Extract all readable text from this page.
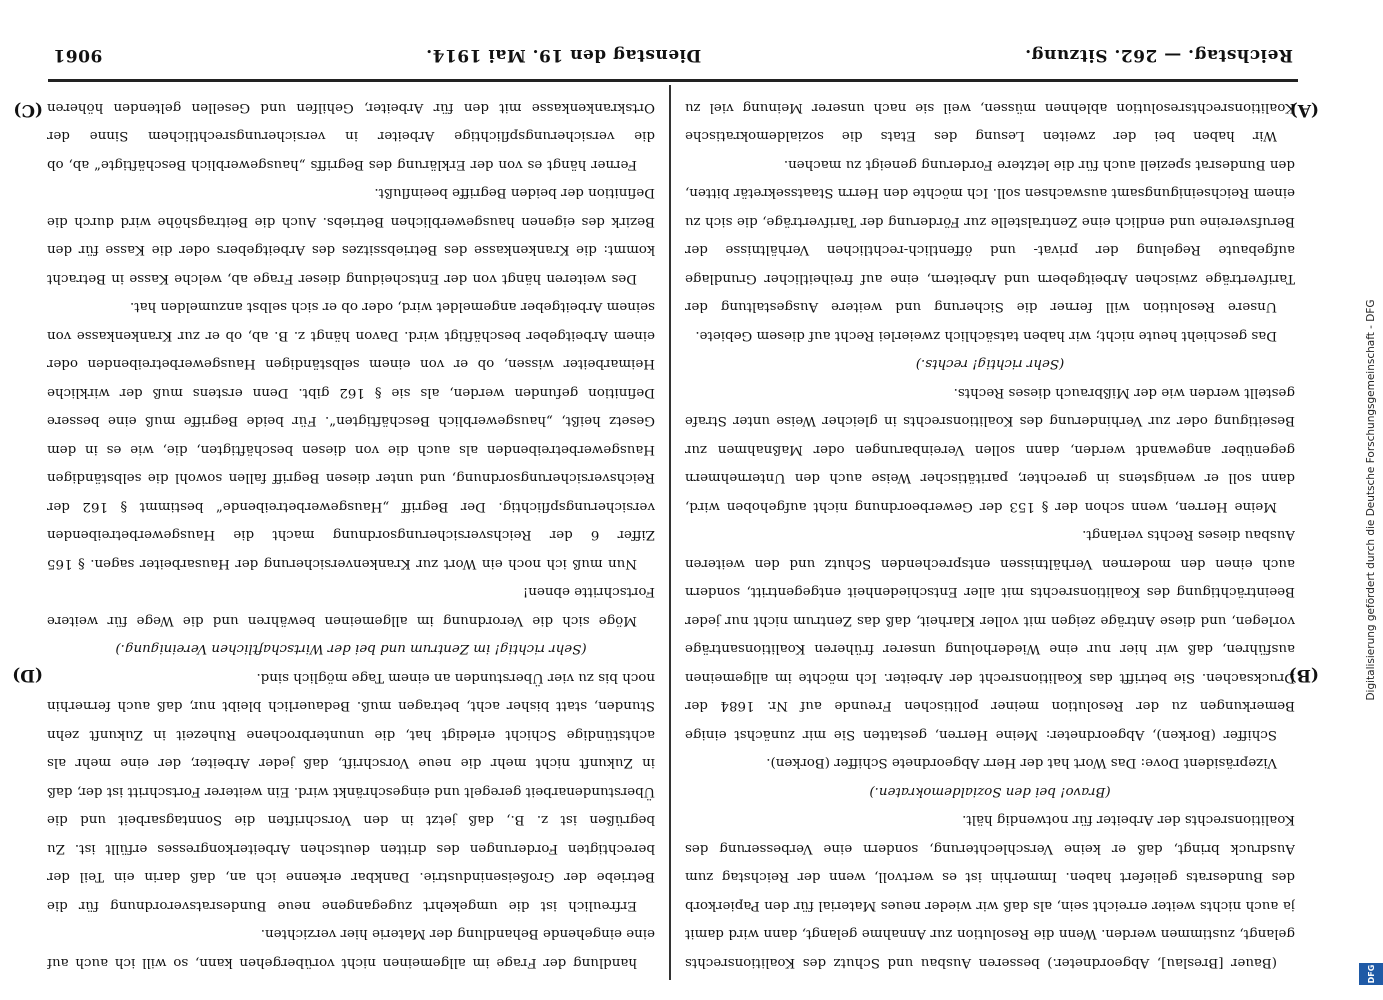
Reichstag. — 262. Sitzung.
Dienstag den 19. Mai 1914.
9061
(A)
(B)
(C)
(D)

(Bauer [Breslau], Abgeordneter.) besseren Ausbau und Schutz des Koalitionsrechts gelangt, zustimmen werden. Wenn die Resolution zur Annahme gelangt, dann wird damit ja auch nichts weiter erreicht sein, als daß wir wieder neues Material für den Papierkorb des Bundesrats geliefert haben. Immerhin ist es wertvoll, wenn der Reichstag zum Ausdruck bringt, daß er keine Verschlechterung, sondern eine Verbesserung des Koalitionsrechts der Arbeiter für notwendig hält.

(Bravo! bei den Sozialdemokraten.)

Vizepräsident Dove: Das Wort hat der Herr Abgeordnete Schiffer (Borken).

Schiffer (Borken), Abgeordneter: Meine Herren, gestatten Sie mir zunächst einige Bemerkungen zu der Resolution meiner politischen Freunde auf Nr. 1684 der Drucksachen. Sie betrifft das Koalitionsrecht der Arbeiter. Ich möchte im allgemeinen ausführen, daß wir hier nur eine Wiederholung unserer früheren Koalitionsanträge vorlegen, und diese Anträge zeigen mit voller Klarheit, daß das Zentrum nicht nur jeder Beeinträchtigung des Koalitionsrechts mit aller Entschiedenheit entgegentritt, sondern auch einen den modernen Verhältnissen entsprechenden Schutz und den weiteren Ausbau dieses Rechts verlangt.

Meine Herren, wenn schon der § 153 der Gewerbeordnung nicht aufgehoben wird, dann soll er wenigstens in gerechter, paritätischer Weise auch den Unternehmern gegenüber angewandt werden, dann sollen Vereinbarungen oder Maßnahmen zur Beseitigung oder zur Verhinderung des Koalitionsrechts in gleicher Weise unter Strafe gestellt werden wie der Mißbrauch dieses Rechts.

(Sehr richtig! rechts.)

Das geschieht heute nicht; wir haben tatsächlich zweierlei Recht auf diesem Gebiete.

Unsere Resolution will ferner die Sicherung und weitere Ausgestaltung der Tarifverträge zwischen Arbeitgebern und Arbeitern, eine auf freiheitlicher Grundlage aufgebaute Regelung der privat- und öffentlich-rechtlichen Verhältnisse der Berufsvereine und endlich eine Zentralstelle zur Förderung der Tarifverträge, die sich zu einem Reichseinigungsamt auswachsen soll. Ich möchte den Herrn Staatssekretär bitten, den Bundesrat speziell auch für die letztere Forderung geneigt zu machen.

Wir haben bei der zweiten Lesung des Etats die sozialdemokratische Koalitionsrechtsresolution ablehnen müssen, weil sie nach unserer Meinung viel zu

handlung der Frage im allgemeinen nicht vorübergehen kann, so will ich auch auf eine eingehende Behandlung der Materie hier verzichten.

Erfreulich ist die umgekehrt zugegangene neue Bundesratsverordnung für die Betriebe der Großeisenindustrie. Dankbar erkenne ich an, daß darin ein Teil der berechtigten Forderungen des dritten deutschen Arbeiterkongresses erfüllt ist. Zu begrüßen ist z. B., daß jetzt in den Vorschriften die Sonntagsarbeit und die Überstundenarbeit geregelt und eingeschränkt wird. Ein weiterer Fortschritt ist der, daß in Zukunft nicht mehr die neue Vorschrift, daß jeder Arbeiter, der eine mehr als achtstündige Schicht erledigt hat, die ununterbrochene Ruhezeit in Zukunft zehn Stunden, statt bisher acht, betragen muß. Bedauerlich bleibt nur, daß auch fernerhin noch bis zu vier Überstunden an einem Tage möglich sind.

(Sehr richtig! im Zentrum und bei der Wirtschaftlichen Vereinigung.)

Möge sich die Verordnung im allgemeinen bewähren und die Wege für weitere Fortschritte ebnen!

Nun muß ich noch ein Wort zur Krankenversicherung der Hausarbeiter sagen. § 165 Ziffer 6 der Reichsversicherungsordnung macht die Hausgewerbetreibenden versicherungspflichtig. Der Begriff „Hausgewerbetreibende“ bestimmt § 162 der Reichsversicherungsordnung, und unter diesen Begriff fallen sowohl die selbständigen Hausgewerbetreibenden als auch die von diesen beschäftigten, die, wie es in dem Gesetz heißt, „hausgewerblich Beschäftigten“. Für beide Begriffe muß eine bessere Definition gefunden werden, als sie § 162 gibt. Denn erstens muß der wirkliche Heimarbeiter wissen, ob er von einem selbständigen Hausgewerbetreibenden oder einem Arbeitgeber beschäftigt wird. Davon hängt z. B. ab, ob er zur Krankenkasse von seinem Arbeitgeber angemeldet wird, oder ob er sich selbst anzumelden hat.

Des weiteren hängt von der Entscheidung dieser Frage ab, welche Kasse in Betracht kommt: die Krankenkasse des Betriebssitzes des Arbeitgebers oder die Kasse für den Bezirk des eigenen hausgewerblichen Betriebs. Auch die Beitragshöhe wird durch die Definition der beiden Begriffe beeinflußt.

Ferner hängt es von der Erklärung des Begriffs „hausgewerblich Beschäftigte“ ab, ob die versicherungspflichtige Arbeiter in versicherungsrechtlichem Sinne der Ortskrankenkasse mit den für Arbeiter, Gehilfen und Gesellen geltenden höheren

Digitalisierung gefördert durch die Deutsche Forschungsgemeinschaft - DFG
DFG
